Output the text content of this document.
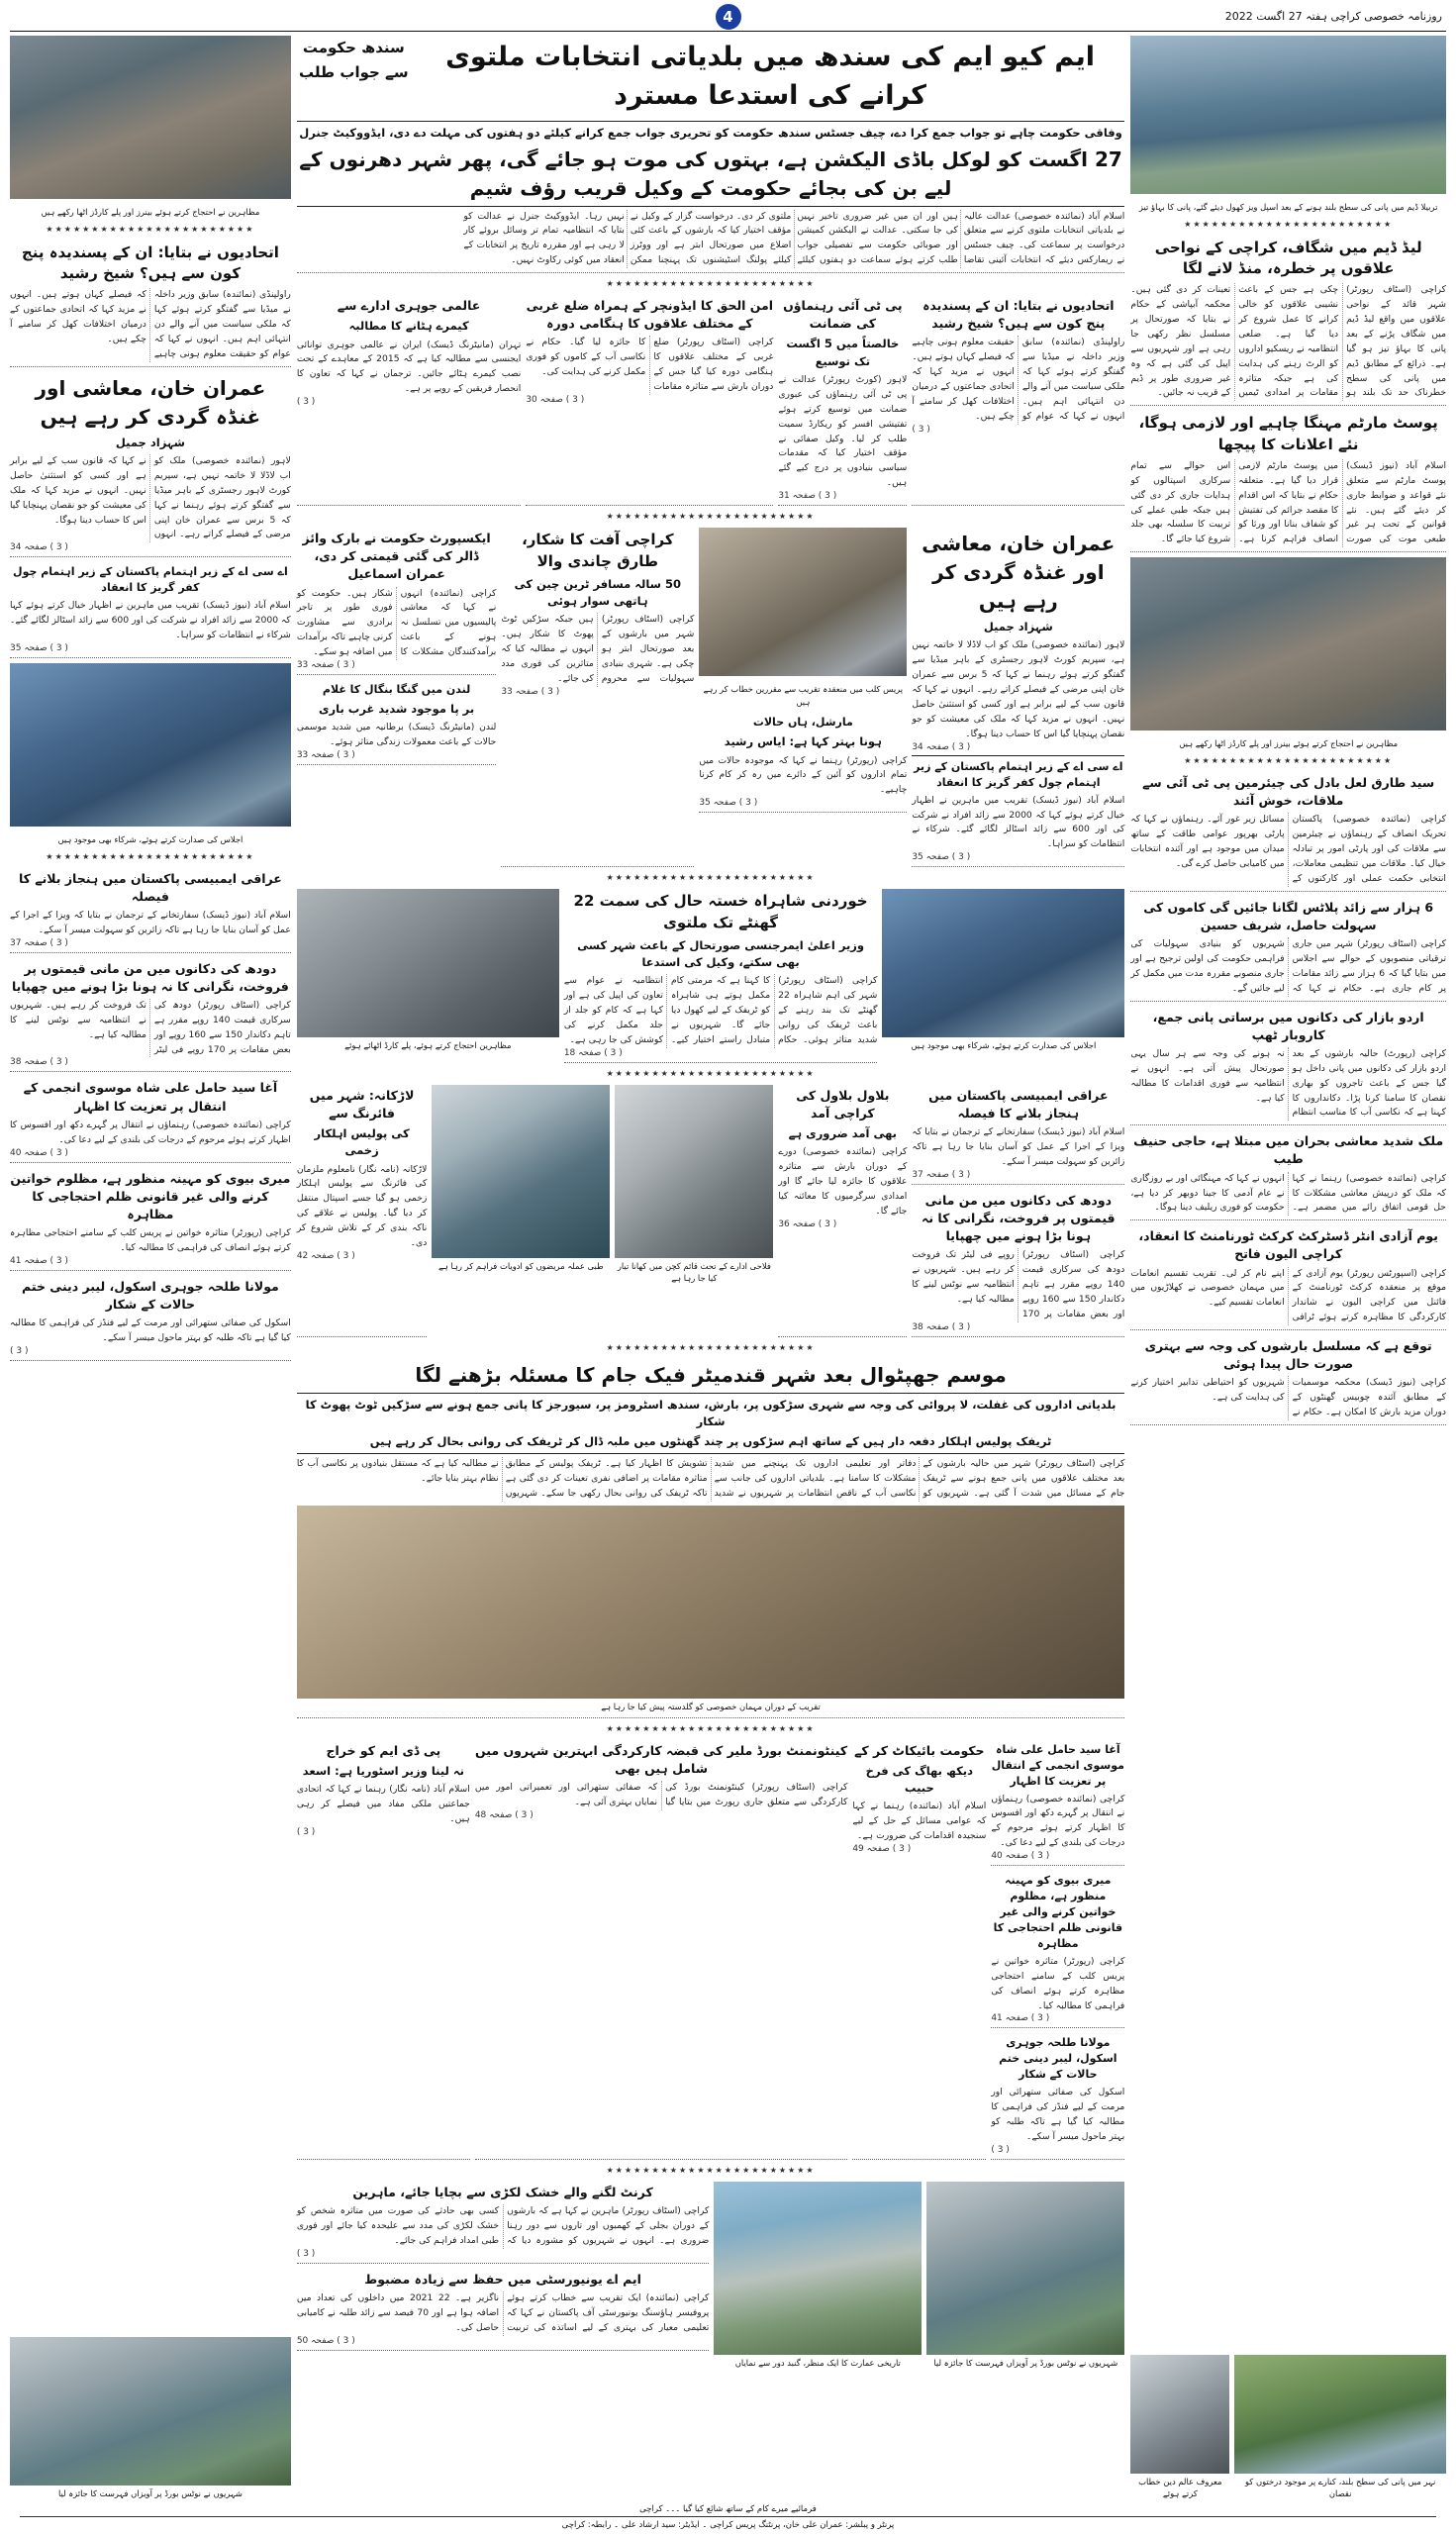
روزنامہ خصوصی کراچی ہفتہ 27 اگست 2022
4
تربیلا ڈیم میں پانی کی سطح بلند ہونے کے بعد اسپل ویز کھول دیئے گئے، پانی کا بہاؤ تیز
★★★★★★★★★★★★★★★★★★★★★★★
لیڈ ڈیم میں شگاف، کراچی کے نواحی علاقوں پر خطرہ، منڈ لانے لگا
کراچی (اسٹاف رپورٹر) شہر قائد کے نواحی علاقوں میں واقع لیڈ ڈیم میں شگاف پڑنے کے بعد پانی کا بہاؤ تیز ہو گیا ہے۔ ذرائع کے مطابق ڈیم میں پانی کی سطح خطرناک حد تک بلند ہو چکی ہے جس کے باعث نشیبی علاقوں کو خالی کرانے کا عمل شروع کر دیا گیا ہے۔ ضلعی انتظامیہ نے ریسکیو اداروں کو الرٹ رہنے کی ہدایت کی ہے جبکہ متاثرہ مقامات پر امدادی ٹیمیں تعینات کر دی گئی ہیں۔ محکمہ آبپاشی کے حکام نے بتایا کہ صورتحال پر مسلسل نظر رکھی جا رہی ہے اور شہریوں سے اپیل کی گئی ہے کہ وہ غیر ضروری طور پر ڈیم کے قریب نہ جائیں۔
پوسٹ مارٹم مہنگا چاہیے اور لازمی ہوگا، نئے اعلانات کا پیچھا
اسلام آباد (نیوز ڈیسک) پوسٹ مارٹم سے متعلق نئے قواعد و ضوابط جاری کر دیئے گئے ہیں۔ نئے قوانین کے تحت ہر غیر طبعی موت کی صورت میں پوسٹ مارٹم لازمی قرار دیا گیا ہے۔ متعلقہ حکام نے بتایا کہ اس اقدام کا مقصد جرائم کی تفتیش کو شفاف بنانا اور ورثا کو انصاف فراہم کرنا ہے۔ اس حوالے سے تمام سرکاری اسپتالوں کو ہدایات جاری کر دی گئی ہیں جبکہ طبی عملے کی تربیت کا سلسلہ بھی جلد شروع کیا جائے گا۔
مظاہرین نے احتجاج کرتے ہوئے بینرز اور پلے کارڈز اٹھا رکھے ہیں
★★★★★★★★★★★★★★★★★★★★★★★
سید طارق لعل بادل کی چیئرمین پی ٹی آئی سے ملاقات، خوش آئند
کراچی (نمائندہ خصوصی) پاکستان تحریک انصاف کے رہنماؤں نے چیئرمین سے ملاقات کی اور پارٹی امور پر تبادلہ خیال کیا۔ ملاقات میں تنظیمی معاملات، انتخابی حکمت عملی اور کارکنوں کے مسائل زیر غور آئے۔ رہنماؤں نے کہا کہ پارٹی بھرپور عوامی طاقت کے ساتھ میدان میں موجود ہے اور آئندہ انتخابات میں کامیابی حاصل کرے گی۔
6 ہزار سے زائد پلاٹس لگانا جائیں گی کاموں کی سہولت حاصل، شریف حسین
کراچی (اسٹاف رپورٹر) شہر میں جاری ترقیاتی منصوبوں کے حوالے سے اجلاس میں بتایا گیا کہ 6 ہزار سے زائد مقامات پر کام جاری ہے۔ حکام نے کہا کہ شہریوں کو بنیادی سہولیات کی فراہمی حکومت کی اولین ترجیح ہے اور جاری منصوبے مقررہ مدت میں مکمل کر لیے جائیں گے۔
اردو بازار کی دکانوں میں برساتی پانی جمع، کاروبار ٹھپ
کراچی (رپورٹ) حالیہ بارشوں کے بعد اردو بازار کی دکانوں میں پانی داخل ہو گیا جس کے باعث تاجروں کو بھاری نقصان کا سامنا کرنا پڑا۔ دکانداروں کا کہنا ہے کہ نکاسی آب کا مناسب انتظام نہ ہونے کی وجہ سے ہر سال یہی صورتحال پیش آتی ہے۔ انہوں نے انتظامیہ سے فوری اقدامات کا مطالبہ کیا ہے۔
ملک شدید معاشی بحران میں مبتلا ہے، حاجی حنیف طیب
کراچی (نمائندہ خصوصی) رہنما نے کہا کہ ملک کو درپیش معاشی مشکلات کا حل قومی اتفاق رائے میں مضمر ہے۔ انہوں نے کہا کہ مہنگائی اور بے روزگاری نے عام آدمی کا جینا دوبھر کر دیا ہے، حکومت کو فوری ریلیف دینا ہوگا۔
یوم آزادی انٹر ڈسٹرکٹ کرکٹ ٹورنامنٹ کا انعقاد، کراچی الیون فاتح
کراچی (اسپورٹس رپورٹر) یوم آزادی کے موقع پر منعقدہ کرکٹ ٹورنامنٹ کے فائنل میں کراچی الیون نے شاندار کارکردگی کا مظاہرہ کرتے ہوئے ٹرافی اپنے نام کر لی۔ تقریب تقسیم انعامات میں مہمان خصوصی نے کھلاڑیوں میں انعامات تقسیم کیے۔
توقع ہے کہ مسلسل بارشوں کی وجہ سے بہتری صورت حال پیدا ہوئی
کراچی (نیوز ڈیسک) محکمہ موسمیات کے مطابق آئندہ چوبیس گھنٹوں کے دوران مزید بارش کا امکان ہے۔ حکام نے شہریوں کو احتیاطی تدابیر اختیار کرنے کی ہدایت کی ہے۔
نہر میں پانی کی سطح بلند، کنارے پر موجود درختوں کو نقصان
معروف عالم دین خطاب کرتے ہوئے
ایم کیو ایم کی سندھ میں بلدیاتی انتخابات ملتوی کرانے کی استدعا مسترد
سندھ حکومت
سے جواب طلب
وفاقی حکومت چاہے تو جواب جمع کرا دے، چیف جسٹس سندھ حکومت کو تحریری جواب جمع کرانے کیلئے دو ہفتوں کی مہلت دے دی، ایڈووکیٹ جنرل
27 اگست کو لوکل باڈی الیکشن ہے، بہتوں کی موت ہو جائے گی، پھر شہر دھرنوں کے لیے بن کی بجائے حکومت کے وکیل قریب رؤف شیم
اسلام آباد (نمائندہ خصوصی) عدالت عالیہ نے بلدیاتی انتخابات ملتوی کرنے سے متعلق درخواست پر سماعت کی۔ چیف جسٹس نے ریمارکس دیئے کہ انتخابات آئینی تقاضا ہیں اور ان میں غیر ضروری تاخیر نہیں کی جا سکتی۔ عدالت نے الیکشن کمیشن اور صوبائی حکومت سے تفصیلی جواب طلب کرتے ہوئے سماعت دو ہفتوں کیلئے ملتوی کر دی۔ درخواست گزار کے وکیل نے مؤقف اختیار کیا کہ بارشوں کے باعث کئی اضلاع میں صورتحال ابتر ہے اور ووٹرز کیلئے پولنگ اسٹیشنوں تک پہنچنا ممکن نہیں رہا۔ ایڈووکیٹ جنرل نے عدالت کو بتایا کہ انتظامیہ تمام تر وسائل بروئے کار لا رہی ہے اور مقررہ تاریخ پر انتخابات کے انعقاد میں کوئی رکاوٹ نہیں۔
★★★★★★★★★★★★★★★★★★★★★★★
اتحادیوں نے بتایا: ان کے پسندیدہ پنج کون سے ہیں؟ شیخ رشید
راولپنڈی (نمائندہ) سابق وزیر داخلہ نے میڈیا سے گفتگو کرتے ہوئے کہا کہ ملکی سیاست میں آنے والے دن انتہائی اہم ہیں۔ انہوں نے کہا کہ عوام کو حقیقت معلوم ہونی چاہیے کہ فیصلے کہاں ہوتے ہیں۔ انہوں نے مزید کہا کہ اتحادی جماعتوں کے درمیان اختلافات کھل کر سامنے آ چکے ہیں۔
( 3 )
پی ٹی آئی رہنماؤں کی ضمانت
خالصتاً میں 5 اگست تک توسیع
لاہور (کورٹ رپورٹر) عدالت نے پی ٹی آئی رہنماؤں کی عبوری ضمانت میں توسیع کرتے ہوئے تفتیشی افسر کو ریکارڈ سمیت طلب کر لیا۔ وکیل صفائی نے مؤقف اختیار کیا کہ مقدمات سیاسی بنیادوں پر درج کیے گئے ہیں۔
( 3 ) صفحہ 31
امن الحق کا ایڈونچر کے ہمراہ ضلع غربی کے مختلف علاقوں کا ہنگامی دورہ
کراچی (اسٹاف رپورٹر) ضلع غربی کے مختلف علاقوں کا ہنگامی دورہ کیا گیا جس کے دوران بارش سے متاثرہ مقامات کا جائزہ لیا گیا۔ حکام نے نکاسی آب کے کاموں کو فوری مکمل کرنے کی ہدایت کی۔
( 3 ) صفحہ 30
عالمی جوہری ادارے سے
کیمرے ہٹانے کا مطالبہ
تہران (مانیٹرنگ ڈیسک) ایران نے عالمی جوہری توانائی ایجنسی سے مطالبہ کیا ہے کہ 2015 کے معاہدے کے تحت نصب کیمرے ہٹائے جائیں۔ ترجمان نے کہا کہ تعاون کا انحصار فریقین کے رویے پر ہے۔
( 3 )
★★★★★★★★★★★★★★★★★★★★★★★
عمران خان، معاشی اور غنڈہ گردی کر رہے ہیں
شہزاد جمیل
لاہور (نمائندہ خصوصی) ملک کو اب لاڈلا لا خاتمہ نہیں ہے، سپریم کورٹ لاہور رجسٹری کے باہر میڈیا سے گفتگو کرتے ہوئے رہنما نے کہا کہ 5 برس سے عمران خان اپنی مرضی کے فیصلے کراتے رہے۔ انہوں نے کہا کہ قانون سب کے لیے برابر ہے اور کسی کو استثنیٰ حاصل نہیں۔ انہوں نے مزید کہا کہ ملک کی معیشت کو جو نقصان پہنچایا گیا اس کا حساب دینا ہوگا۔
( 3 ) صفحہ 34
اے سی اے کے زیر اہتمام پاکستان کے زیر اہتمام چول کفر گریز کا انعقاد
اسلام آباد (نیوز ڈیسک) تقریب میں ماہرین نے اظہار خیال کرتے ہوئے کہا کہ 2000 سے زائد افراد نے شرکت کی اور 600 سے زائد اسٹالز لگائے گئے۔ شرکاء نے انتظامات کو سراہا۔
( 3 ) صفحہ 35
پریس کلب میں منعقدہ تقریب سے مقررین خطاب کر رہے ہیں
مارشل، ہاں حالات
ہونا بہتر کہا ہے: ایاس رشید
کراچی (رپورٹر) رہنما نے کہا کہ موجودہ حالات میں تمام اداروں کو آئین کے دائرے میں رہ کر کام کرنا چاہیے۔
( 3 ) صفحہ 35
کراچی آفت کا شکار، طارق چاندی والا
50 سالہ مسافر ٹرین چین کی ہاتھی سوار ہوئی
کراچی (اسٹاف رپورٹر) شہر میں بارشوں کے بعد صورتحال ابتر ہو چکی ہے۔ شہری بنیادی سہولیات سے محروم ہیں جبکہ سڑکیں ٹوٹ پھوٹ کا شکار ہیں۔ انہوں نے مطالبہ کیا کہ متاثرین کی فوری مدد کی جائے۔
( 3 ) صفحہ 33
ایکسپورٹ حکومت نے بارک وائز ڈالر کی گئی قیمتی کر دی، عمران اسماعیل
کراچی (نمائندہ) انہوں نے کہا کہ معاشی پالیسیوں میں تسلسل نہ ہونے کے باعث برآمدکنندگان مشکلات کا شکار ہیں۔ حکومت کو فوری طور پر تاجر برادری سے مشاورت کرنی چاہیے تاکہ برآمدات میں اضافہ ہو سکے۔
( 3 ) صفحہ 33
لندن میں گنگا بنگال کا غلام
بر پا موجود شدید غرب باری
لندن (مانیٹرنگ ڈیسک) برطانیہ میں شدید موسمی حالات کے باعث معمولات زندگی متاثر ہوئے۔
( 3 ) صفحہ 33
★★★★★★★★★★★★★★★★★★★★★★★
اجلاس کی صدارت کرتے ہوئے، شرکاء بھی موجود ہیں
خوردنی شاہراہ خستہ حال کی سمت 22 گھنٹے تک ملتوی
وزیر اعلیٰ ایمرجنسی صورتحال کے باعث شہر کسی بھی سکتے، وکیل کی استدعا
کراچی (اسٹاف رپورٹر) شہر کی اہم شاہراہ 22 گھنٹے تک بند رہنے کے باعث ٹریفک کی روانی شدید متاثر ہوئی۔ حکام کا کہنا ہے کہ مرمتی کام مکمل ہوتے ہی شاہراہ کو ٹریفک کے لیے کھول دیا جائے گا۔ شہریوں نے متبادل راستے اختیار کیے۔ انتظامیہ نے عوام سے تعاون کی اپیل کی ہے اور کہا ہے کہ کام کو جلد از جلد مکمل کرنے کی کوشش کی جا رہی ہے۔
( 3 ) صفحہ 18
مظاہرین احتجاج کرتے ہوئے، پلے کارڈ اٹھائے ہوئے
★★★★★★★★★★★★★★★★★★★★★★★
عراقی ایمبیسی پاکستان میں ہنجاز بلانے کا فیصلہ
اسلام آباد (نیوز ڈیسک) سفارتخانے کے ترجمان نے بتایا کہ ویزا کے اجرا کے عمل کو آسان بنایا جا رہا ہے تاکہ زائرین کو سہولت میسر آ سکے۔
( 3 ) صفحہ 37
دودھ کی دکانوں میں من مانی قیمتوں پر فروخت، نگرانی کا نہ ہونا بڑا ہونے میں چھپایا
کراچی (اسٹاف رپورٹر) دودھ کی سرکاری قیمت 140 روپے مقرر ہے تاہم دکاندار 150 سے 160 روپے اور بعض مقامات پر 170 روپے فی لیٹر تک فروخت کر رہے ہیں۔ شہریوں نے انتظامیہ سے نوٹس لینے کا مطالبہ کیا ہے۔
( 3 ) صفحہ 38
بلاول بلاول کی کراچی آمد
بھی آمد ضروری ہے
کراچی (نمائندہ خصوصی) دورے کے دوران بارش سے متاثرہ علاقوں کا جائزہ لیا جائے گا اور امدادی سرگرمیوں کا معائنہ کیا جائے گا۔
( 3 ) صفحہ 36
فلاحی ادارے کے تحت قائم کچن میں کھانا تیار کیا جا رہا ہے
طبی عملہ مریضوں کو ادویات فراہم کر رہا ہے
لاڑکانہ: شہر میں فائرنگ سے
کی پولیس اہلکار زخمی
لاڑکانہ (نامہ نگار) نامعلوم ملزمان کی فائرنگ سے پولیس اہلکار زخمی ہو گیا جسے اسپتال منتقل کر دیا گیا۔ پولیس نے علاقے کی ناکہ بندی کر کے تلاش شروع کر دی۔
( 3 ) صفحہ 42
★★★★★★★★★★★★★★★★★★★★★★★
موسم جھپٹوال بعد شہر قندمیٹر فیک جام کا مسئلہ بڑھنے لگا
بلدیاتی اداروں کی غفلت، لا پروائی کی وجہ سے شہری سڑکوں پر، بارش، سندھ اسٹرومز پر، سیورجز کا پانی جمع ہونے سے سڑکیں ٹوٹ پھوٹ کا شکار
ٹریفک پولیس اہلکار دفعہ دار ہیں کے ساتھ اہم سڑکوں پر چند گھنٹوں میں ملبہ ڈال کر ٹریفک کی روانی بحال کر رہے ہیں
کراچی (اسٹاف رپورٹر) شہر میں حالیہ بارشوں کے بعد مختلف علاقوں میں پانی جمع ہونے سے ٹریفک جام کے مسائل میں شدت آ گئی ہے۔ شہریوں کو دفاتر اور تعلیمی اداروں تک پہنچنے میں شدید مشکلات کا سامنا ہے۔ بلدیاتی اداروں کی جانب سے نکاسی آب کے ناقص انتظامات پر شہریوں نے شدید تشویش کا اظہار کیا ہے۔ ٹریفک پولیس کے مطابق متاثرہ مقامات پر اضافی نفری تعینات کر دی گئی ہے تاکہ ٹریفک کی روانی بحال رکھی جا سکے۔ شہریوں نے مطالبہ کیا ہے کہ مستقل بنیادوں پر نکاسی آب کا نظام بہتر بنایا جائے۔
تقریب کے دوران مہمان خصوصی کو گلدستہ پیش کیا جا رہا ہے
★★★★★★★★★★★★★★★★★★★★★★★
آغا سید حامل علی شاہ موسوی انجمی کے انتقال پر تعزیت کا اظہار
کراچی (نمائندہ خصوصی) رہنماؤں نے انتقال پر گہرے دکھ اور افسوس کا اظہار کرتے ہوئے مرحوم کے درجات کی بلندی کے لیے دعا کی۔
( 3 ) صفحہ 40
میری بیوی کو مہینہ منظور ہے، مظلوم خواتین کرنے والی غیر قانونی ظلم احتجاجی کا مظاہرہ
کراچی (رپورٹر) متاثرہ خواتین نے پریس کلب کے سامنے احتجاجی مظاہرہ کرتے ہوئے انصاف کی فراہمی کا مطالبہ کیا۔
( 3 ) صفحہ 41
مولانا طلحہ جوہری اسکول، لیبر دینی ختم حالات کے شکار
اسکول کی صفائی ستھرائی اور مرمت کے لیے فنڈز کی فراہمی کا مطالبہ کیا گیا ہے تاکہ طلبہ کو بہتر ماحول میسر آ سکے۔
( 3 )
حکومت بائیکاٹ کر کے
دیکھ بھاگ کی فرخ حبیب
اسلام آباد (نمائندہ) رہنما نے کہا کہ عوامی مسائل کے حل کے لیے سنجیدہ اقدامات کی ضرورت ہے۔
( 3 ) صفحہ 49
کینٹونمنٹ بورڈ ملیر کی قبضہ کارکردگی ابہترین شہروں میں شامل ہیں بھی
کراچی (اسٹاف رپورٹر) کینٹونمنٹ بورڈ کی کارکردگی سے متعلق جاری رپورٹ میں بتایا گیا کہ صفائی ستھرائی اور تعمیراتی امور میں نمایاں بہتری آئی ہے۔
( 3 ) صفحہ 48
پی ڈی ایم کو خراج
نہ لینا وزیر اسٹوریا ہے: اسعد
اسلام آباد (نامہ نگار) رہنما نے کہا کہ اتحادی جماعتیں ملکی مفاد میں فیصلے کر رہی ہیں۔
( 3 )
★★★★★★★★★★★★★★★★★★★★★★★
شہریوں نے نوٹس بورڈ پر آویزاں فہرست کا جائزہ لیا
تاریخی عمارت کا ایک منظر، گنبد دور سے نمایاں
کرنٹ لگنے والے خشک لکڑی سے بچایا جائے، ماہرین
کراچی (اسٹاف رپورٹر) ماہرین نے کہا ہے کہ بارشوں کے دوران بجلی کے کھمبوں اور تاروں سے دور رہنا ضروری ہے۔ انہوں نے شہریوں کو مشورہ دیا کہ کسی بھی حادثے کی صورت میں متاثرہ شخص کو خشک لکڑی کی مدد سے علیحدہ کیا جائے اور فوری طبی امداد فراہم کی جائے۔
( 3 )
ایم اے یونیورسٹی میں حفظ سے زیادہ مضبوط
کراچی (نمائندہ) ایک تقریب سے خطاب کرتے ہوئے پروفیسر ہاؤسنگ یونیورسٹی آف پاکستان نے کہا کہ تعلیمی معیار کی بہتری کے لیے اساتذہ کی تربیت ناگزیر ہے۔ 22 2021 میں داخلوں کی تعداد میں اضافہ ہوا ہے اور 70 فیصد سے زائد طلبہ نے کامیابی حاصل کی۔
( 3 ) صفحہ 50
مظاہرین نے احتجاج کرتے ہوئے بینرز اور پلے کارڈز اٹھا رکھے ہیں
★★★★★★★★★★★★★★★★★★★★★★★
اتحادیوں نے بتایا: ان کے پسندیدہ پنج کون سے ہیں؟ شیخ رشید
راولپنڈی (نمائندہ) سابق وزیر داخلہ نے میڈیا سے گفتگو کرتے ہوئے کہا کہ ملکی سیاست میں آنے والے دن انتہائی اہم ہیں۔ انہوں نے کہا کہ عوام کو حقیقت معلوم ہونی چاہیے کہ فیصلے کہاں ہوتے ہیں۔ انہوں نے مزید کہا کہ اتحادی جماعتوں کے درمیان اختلافات کھل کر سامنے آ چکے ہیں۔
عمران خان، معاشی اور غنڈہ گردی کر رہے ہیں
شہزاد جمیل
لاہور (نمائندہ خصوصی) ملک کو اب لاڈلا لا خاتمہ نہیں ہے، سپریم کورٹ لاہور رجسٹری کے باہر میڈیا سے گفتگو کرتے ہوئے رہنما نے کہا کہ 5 برس سے عمران خان اپنی مرضی کے فیصلے کراتے رہے۔ انہوں نے کہا کہ قانون سب کے لیے برابر ہے اور کسی کو استثنیٰ حاصل نہیں۔ انہوں نے مزید کہا کہ ملک کی معیشت کو جو نقصان پہنچایا گیا اس کا حساب دینا ہوگا۔
( 3 ) صفحہ 34
اے سی اے کے زیر اہتمام پاکستان کے زیر اہتمام چول کفر گریز کا انعقاد
اسلام آباد (نیوز ڈیسک) تقریب میں ماہرین نے اظہار خیال کرتے ہوئے کہا کہ 2000 سے زائد افراد نے شرکت کی اور 600 سے زائد اسٹالز لگائے گئے۔ شرکاء نے انتظامات کو سراہا۔
( 3 ) صفحہ 35
اجلاس کی صدارت کرتے ہوئے، شرکاء بھی موجود ہیں
★★★★★★★★★★★★★★★★★★★★★★★
عراقی ایمبیسی پاکستان میں ہنجاز بلانے کا فیصلہ
اسلام آباد (نیوز ڈیسک) سفارتخانے کے ترجمان نے بتایا کہ ویزا کے اجرا کے عمل کو آسان بنایا جا رہا ہے تاکہ زائرین کو سہولت میسر آ سکے۔
( 3 ) صفحہ 37
دودھ کی دکانوں میں من مانی قیمتوں پر فروخت، نگرانی کا نہ ہونا بڑا ہونے میں چھپایا
کراچی (اسٹاف رپورٹر) دودھ کی سرکاری قیمت 140 روپے مقرر ہے تاہم دکاندار 150 سے 160 روپے اور بعض مقامات پر 170 روپے فی لیٹر تک فروخت کر رہے ہیں۔ شہریوں نے انتظامیہ سے نوٹس لینے کا مطالبہ کیا ہے۔
( 3 ) صفحہ 38
آغا سید حامل علی شاہ موسوی انجمی کے انتقال پر تعزیت کا اظہار
کراچی (نمائندہ خصوصی) رہنماؤں نے انتقال پر گہرے دکھ اور افسوس کا اظہار کرتے ہوئے مرحوم کے درجات کی بلندی کے لیے دعا کی۔
( 3 ) صفحہ 40
میری بیوی کو مہینہ منظور ہے، مظلوم خواتین کرنے والی غیر قانونی ظلم احتجاجی کا مظاہرہ
کراچی (رپورٹر) متاثرہ خواتین نے پریس کلب کے سامنے احتجاجی مظاہرہ کرتے ہوئے انصاف کی فراہمی کا مطالبہ کیا۔
( 3 ) صفحہ 41
مولانا طلحہ جوہری اسکول، لیبر دینی ختم حالات کے شکار
اسکول کی صفائی ستھرائی اور مرمت کے لیے فنڈز کی فراہمی کا مطالبہ کیا گیا ہے تاکہ طلبہ کو بہتر ماحول میسر آ سکے۔
( 3 )
شہریوں نے نوٹس بورڈ پر آویزاں فہرست کا جائزہ لیا
فرمائیے میرے کام کے ساتھ شائع کیا گیا ۔۔۔ کراچی
پرنٹر و پبلشر: عمران علی خان، پرنٹنگ پریس کراچی ۔ ایڈیٹر: سید ارشاد علی ۔ رابطہ: کراچی
